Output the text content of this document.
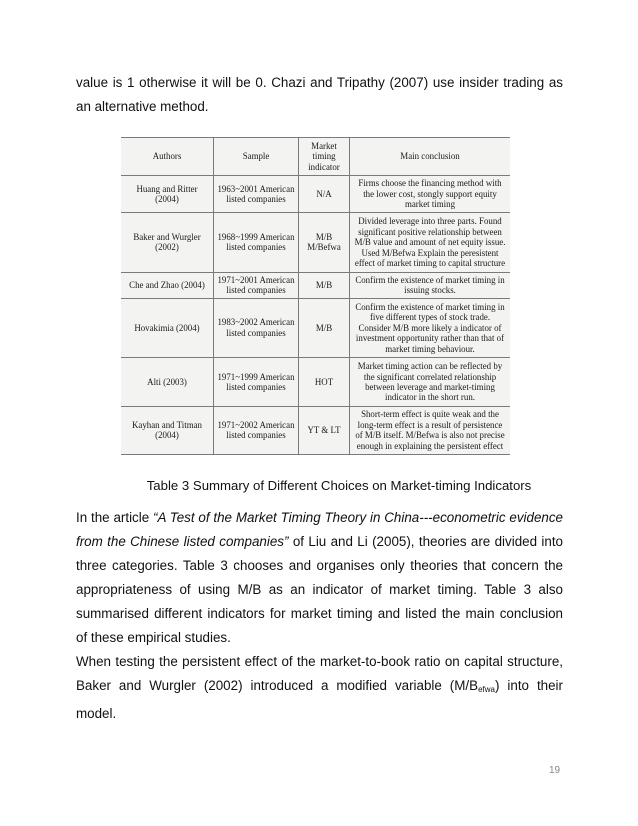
value is 1 otherwise it will be 0. Chazi and Tripathy (2007) use insider trading as an alternative method.

Authors	Sample	Market timing indicator	Main conclusion
Huang and Ritter (2004)	1963~2001 American listed companies	N/A	Firms choose the financing method with the lower cost, stongly support equity market timing
Baker and Wurgler (2002)	1968~1999 American listed companies	M/B M/Befwa	Divided leverage into three parts. Found significant positive relationship between M/B value and amount of net equity issue. Used M/Befwa Explain the peresistent effect of market timing to capital structure
Che and Zhao (2004)	1971~2001 American listed companies	M/B	Confirm the existence of market timing in issuing stocks.
Hovakimia (2004)	1983~2002 American listed companies	M/B	Confirm the existence of market timing in five different types of stock trade. Consider M/B more likely a indicator of investment opportunity rather than that of market timing behaviour.
Alti (2003)	1971~1999 American listed companies	HOT	Market timing action can be reflected by the significant correlated relationship between leverage and market-timing indicator in the short run.
Kayhan and Titman (2004)	1971~2002 American listed companies	YT & LT	Short-term effect is quite weak and the long-term effect is a result of persistence of M/B itself. M/Befwa is also not precise enough in explaining the persistent effect

Table 3 Summary of Different Choices on Market-timing Indicators

In the article “A Test of the Market Timing Theory in China---econometric evidence from the Chinese listed companies” of Liu and Li (2005), theories are divided into three categories. Table 3 chooses and organises only theories that concern the appropriateness of using M/B as an indicator of market timing. Table 3 also summarised different indicators for market timing and listed the main conclusion of these empirical studies.

When testing the persistent effect of the market-to-book ratio on capital structure, Baker and Wurgler (2002) introduced a modified variable $(M/B_{efwa})$ into their model.

19
